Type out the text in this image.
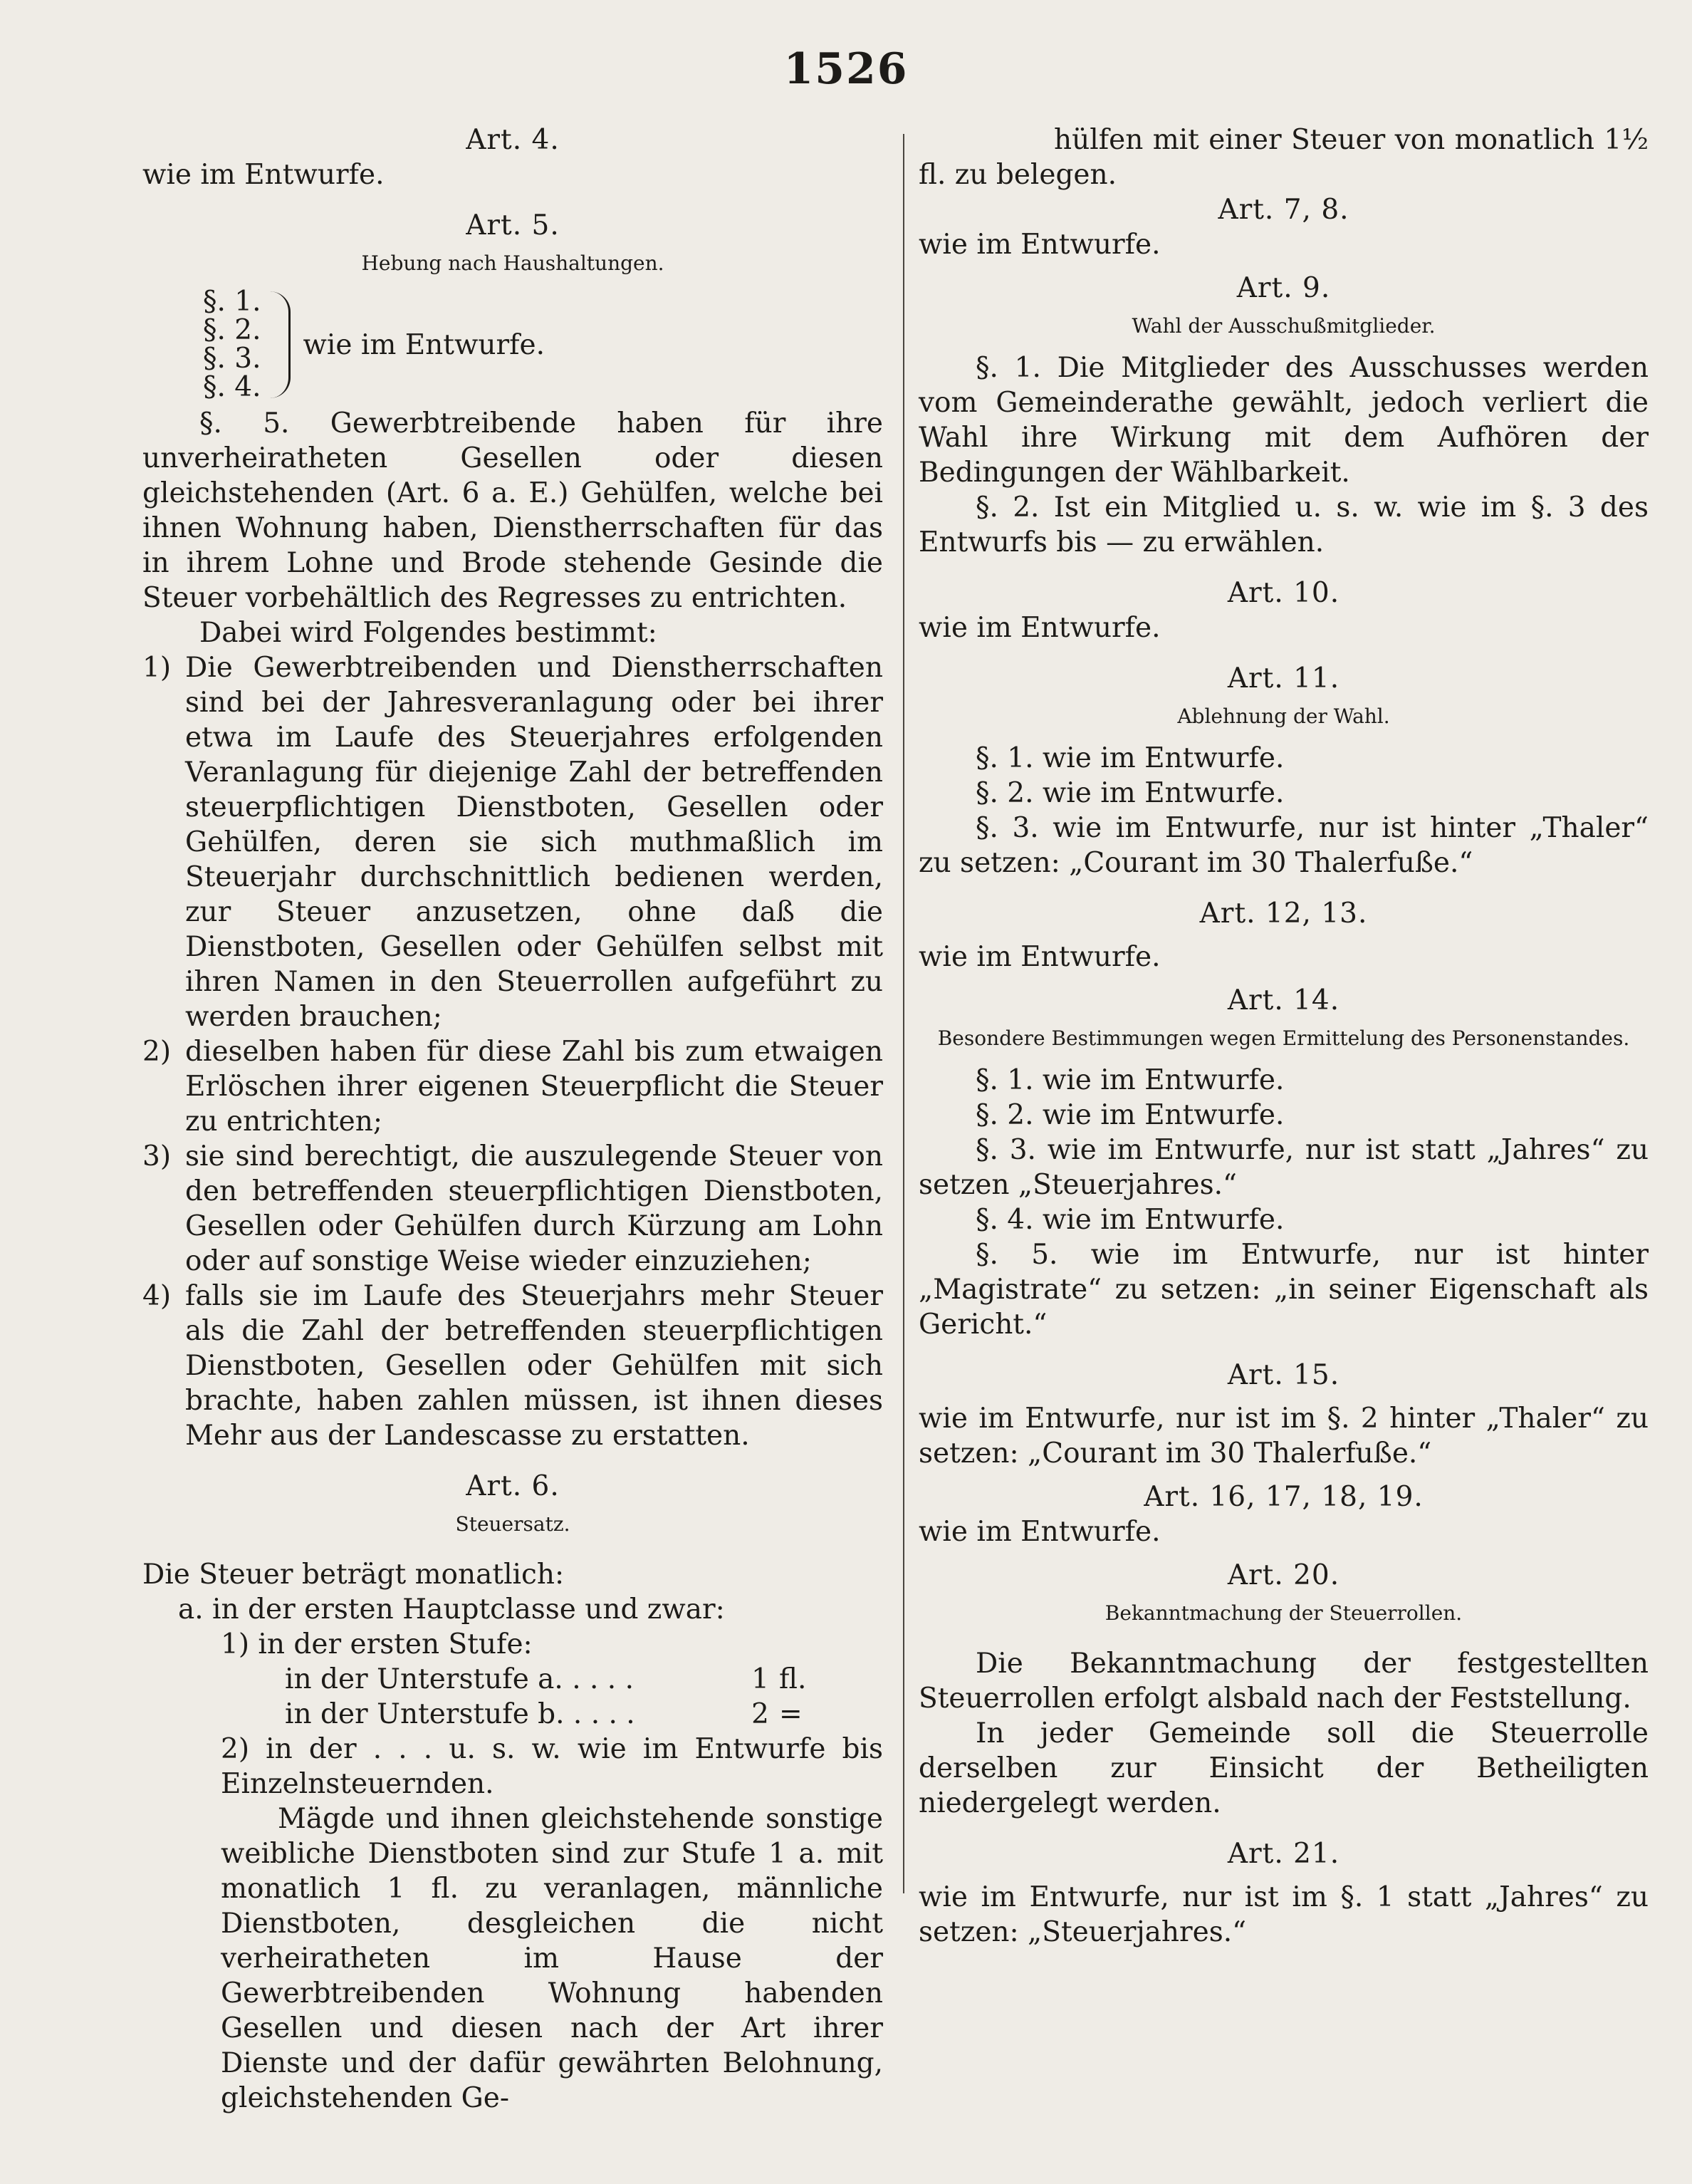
1526
Art. 4.

wie im Entwurfe.

Art. 5.
Hebung nach Haushaltungen.
§. 1.
§. 2.
§. 3.
§. 4.
wie im Entwurfe.

§. 5. Gewerbtreibende haben für ihre unverheiratheten Gesellen oder diesen gleichstehenden (Art. 6 a. E.) Gehülfen, welche bei ihnen Wohnung haben, Dienstherrschaften für das in ihrem Lohne und Brode stehende Gesinde die Steuer vorbehältlich des Regresses zu entrichten.

Dabei wird Folgendes bestimmt:

1) Die Gewerbtreibenden und Dienstherrschaften sind bei der Jahresveranlagung oder bei ihrer etwa im Laufe des Steuerjahres erfolgenden Veranlagung für diejenige Zahl der betreffenden steuerpflichtigen Dienstboten, Gesellen oder Gehülfen, deren sie sich muthmaßlich im Steuerjahr durchschnittlich bedienen werden, zur Steuer anzusetzen, ohne daß die Dienstboten, Gesellen oder Gehülfen selbst mit ihren Namen in den Steuerrollen aufgeführt zu werden brauchen;
2) dieselben haben für diese Zahl bis zum etwaigen Erlöschen ihrer eigenen Steuerpflicht die Steuer zu entrichten;
3) sie sind berechtigt, die auszulegende Steuer von den betreffenden steuerpflichtigen Dienstboten, Gesellen oder Gehülfen durch Kürzung am Lohn oder auf sonstige Weise wieder einzuziehen;
4) falls sie im Laufe des Steuerjahrs mehr Steuer als die Zahl der betreffenden steuerpflichtigen Dienstboten, Gesellen oder Gehülfen mit sich brachte, haben zahlen müssen, ist ihnen dieses Mehr aus der Landescasse zu erstatten.
Art. 6.
Steuersatz.

Die Steuer beträgt monatlich:

a. in der ersten Hauptclasse und zwar:
1) in der ersten Stufe:
in der Unterstufe a. . . . .	1 fl.
in der Unterstufe b. . . . .	2 =

2) in der . . . u. s. w. wie im Entwurfe bis Einzelnsteuernden.

Mägde und ihnen gleichstehende sonstige weibliche Dienstboten sind zur Stufe 1 a. mit monatlich 1 fl. zu veranlagen, männliche Dienstboten, desgleichen die nicht verheiratheten im Hause der Gewerbtreibenden Wohnung habenden Gesellen und diesen nach der Art ihrer Dienste und der dafür gewährten Belohnung, gleichstehenden Ge-

hülfen mit einer Steuer von monatlich 1½ fl. zu belegen.

Art. 7, 8.

wie im Entwurfe.

Art. 9.
Wahl der Ausschußmitglieder.

§. 1. Die Mitglieder des Ausschusses werden vom Gemeinderathe gewählt, jedoch verliert die Wahl ihre Wirkung mit dem Aufhören der Bedingungen der Wählbarkeit.

§. 2. Ist ein Mitglied u. s. w. wie im §. 3 des Entwurfs bis — zu erwählen.

Art. 10.

wie im Entwurfe.

Art. 11.
Ablehnung der Wahl.

§. 1. wie im Entwurfe.

§. 2. wie im Entwurfe.

§. 3. wie im Entwurfe, nur ist hinter „Thaler“ zu setzen: „Courant im 30 Thalerfuße.“

Art. 12, 13.

wie im Entwurfe.

Art. 14.
Besondere Bestimmungen wegen Ermittelung des Personenstandes.

§. 1. wie im Entwurfe.

§. 2. wie im Entwurfe.

§. 3. wie im Entwurfe, nur ist statt „Jahres“ zu setzen „Steuerjahres.“

§. 4. wie im Entwurfe.

§. 5. wie im Entwurfe, nur ist hinter „Magistrate“ zu setzen: „in seiner Eigenschaft als Gericht.“

Art. 15.

wie im Entwurfe, nur ist im §. 2 hinter „Thaler“ zu setzen: „Courant im 30 Thalerfuße.“

Art. 16, 17, 18, 19.

wie im Entwurfe.

Art. 20.
Bekanntmachung der Steuerrollen.

Die Bekanntmachung der festgestellten Steuerrollen erfolgt alsbald nach der Feststellung.

In jeder Gemeinde soll die Steuerrolle derselben zur Einsicht der Betheiligten niedergelegt werden.

Art. 21.

wie im Entwurfe, nur ist im §. 1 statt „Jahres“ zu setzen: „Steuerjahres.“
